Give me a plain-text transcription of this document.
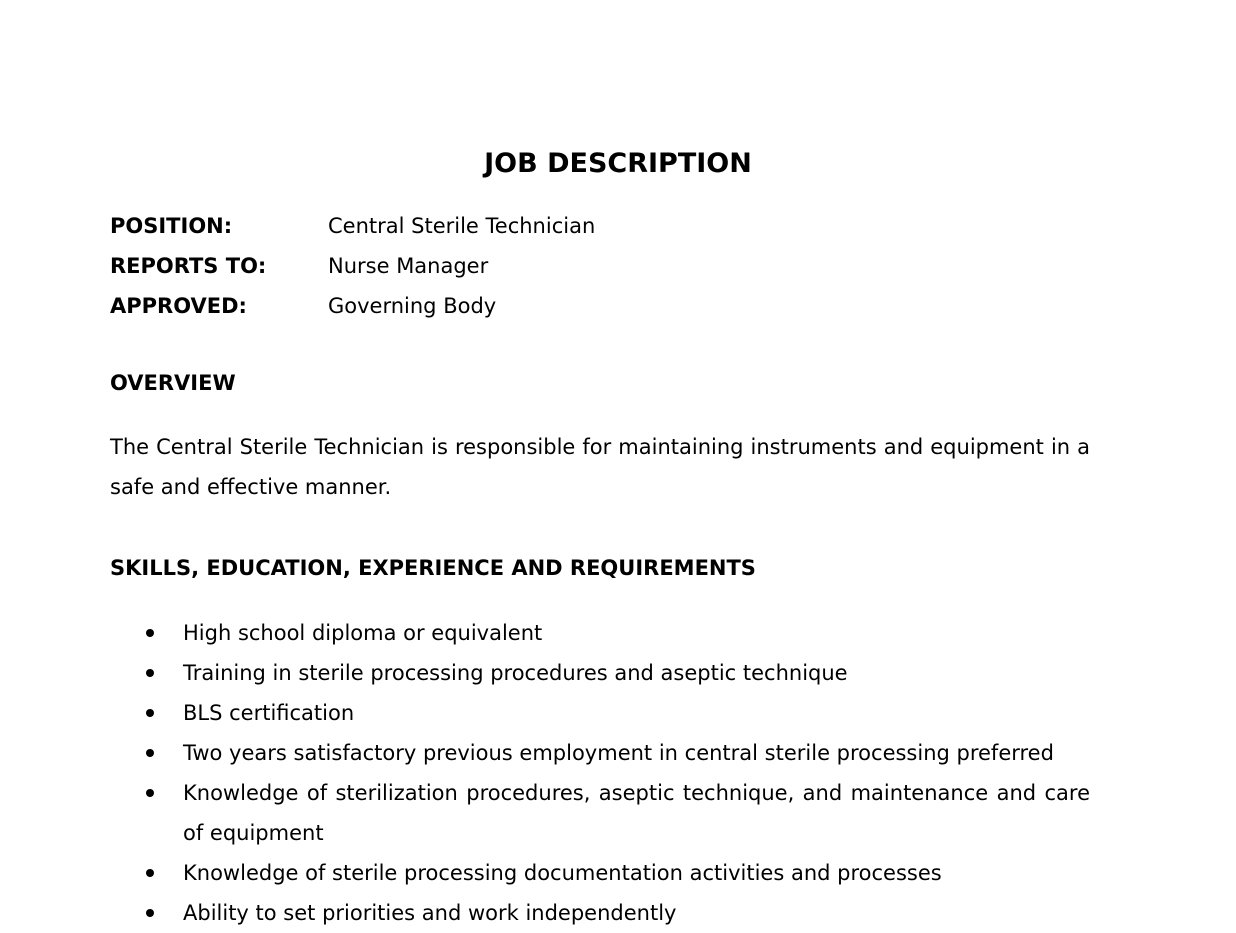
JOB DESCRIPTION
POSITION:	Central Sterile Technician
REPORTS TO:	Nurse Manager
APPROVED:	Governing Body
OVERVIEW

The Central Sterile Technician is responsible for maintaining instruments and equipment in a safe and effective manner.

SKILLS, EDUCATION, EXPERIENCE AND REQUIREMENTS
High school diploma or equivalent
Training in sterile processing procedures and aseptic technique
BLS certification
Two years satisfactory previous employment in central sterile processing preferred
Knowledge of sterilization procedures, aseptic technique, and maintenance and care of equipment
Knowledge of sterile processing documentation activities and processes
Ability to set priorities and work independently
